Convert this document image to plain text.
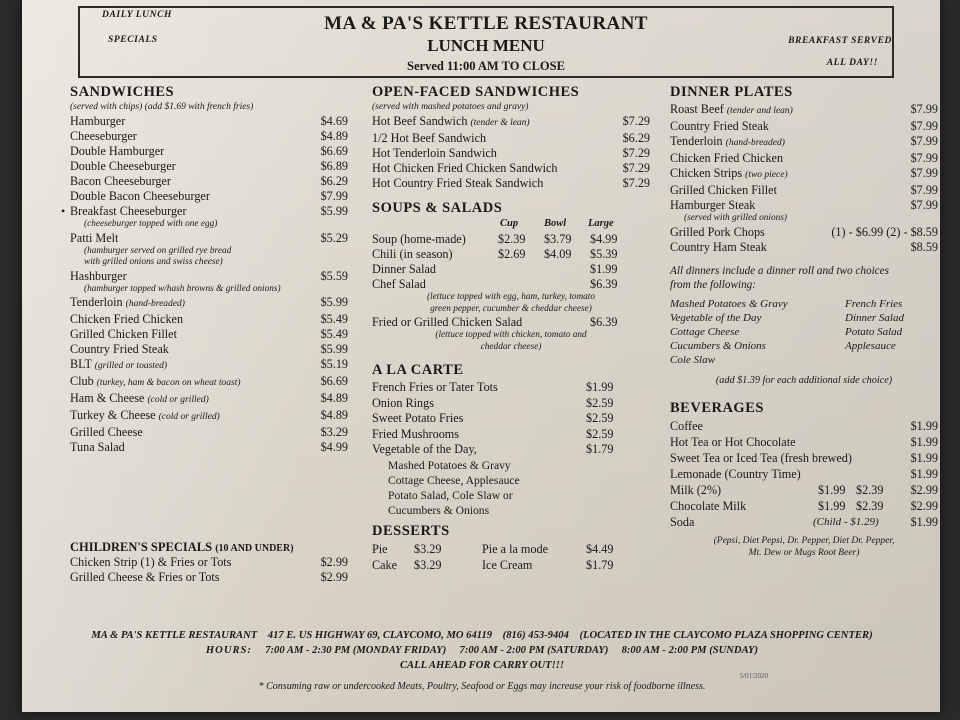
DAILY LUNCH
SPECIALS	BREAKFAST SERVED
ALL DAY!!
MA & PA'S KETTLE RESTAURANT
LUNCH MENU
Served 11:00 AM TO CLOSE
SANDWICHES
(served with chips) (add $1.69 with french fries)
Hamburger	$4.69
Cheeseburger	$4.89
Double Hamburger	$6.69
Double Cheeseburger	$6.89
Bacon Cheeseburger	$6.29
Double Bacon Cheeseburger	$7.99
• Breakfast Cheeseburger	$5.99
(cheeseburger topped with one egg)
Patti Melt	$5.29
(hamburger served on grilled rye bread
with grilled onions and swiss cheese)
Hashburger	$5.59
(hamburger topped w/hash browns & grilled onions)
Tenderloin (hand-breaded)	$5.99
Chicken Fried Chicken	$5.49
Grilled Chicken Fillet	$5.49
Country Fried Steak	$5.99
BLT (grilled or toasted)	$5.19
Club (turkey, ham & bacon on wheat toast)	$6.69
Ham & Cheese (cold or grilled)	$4.89
Turkey & Cheese (cold or grilled)	$4.89
Grilled Cheese	$3.29
Tuna Salad	$4.99
CHILDREN'S SPECIALS (10 AND UNDER)
Chicken Strip (1) & Fries or Tots	$2.99
Grilled Cheese & Fries or Tots	$2.99
OPEN-FACED SANDWICHES
(served with mashed potatoes and gravy)
Hot Beef Sandwich (tender & lean)	$7.29
1/2 Hot Beef Sandwich	$6.29
Hot Tenderloin Sandwich	$7.29
Hot Chicken Fried Chicken Sandwich	$7.29
Hot Country Fried Steak Sandwich	$7.29
SOUPS & SALADS
Cup Bowl Large
Soup (home-made)	$2.39 $3.79 $4.99
Chili (in season)	$2.69 $4.09 $5.39
Dinner Salad	$1.99
Chef Salad	$6.39
(lettuce topped with egg, ham, turkey, tomato
green pepper, cucumber & cheddar cheese)
Fried or Grilled Chicken Salad	$6.39
(lettuce topped with chicken, tomato and
cheddar cheese)
A LA CARTE
French Fries or Tater Tots	$1.99
Onion Rings	$2.59
Sweet Potato Fries	$2.59
Fried Mushrooms	$2.59
Vegetable of the Day,	$1.79
Mashed Potatoes & Gravy
Cottage Cheese, Applesauce
Potato Salad, Cole Slaw or
Cucumbers & Onions
DESSERTS
Pie $3.29	Pie a la mode	$4.49
Cake $3.29	Ice Cream	$1.79
DINNER PLATES
Roast Beef (tender and lean)	$7.99
Country Fried Steak	$7.99
Tenderloin (hand-breaded)	$7.99
Chicken Fried Chicken	$7.99
Chicken Strips (two piece)	$7.99
Grilled Chicken Fillet	$7.99
Hamburger Steak	$7.99
(served with grilled onions)
Grilled Pork Chops	(1) - $6.99 (2) - $8.59
Country Ham Steak	$8.59
All dinners include a dinner roll and two choices
from the following:
Mashed Potatoes & Gravy	French Fries
Vegetable of the Day	Dinner Salad
Cottage Cheese	Potato Salad
Cucumbers & Onions	Applesauce
Cole Slaw
(add $1.39 for each additional side choice)
BEVERAGES
Coffee	$1.99
Hot Tea or Hot Chocolate	$1.99
Sweet Tea or Iced Tea (fresh brewed)	$1.99
Lemonade (Country Time)	$1.99
Milk (2%)	$1.99 $2.39 $2.99
Chocolate Milk	$1.99 $2.39 $2.99
Soda	(Child - $1.29)	$1.99
(Pepsi, Diet Pepsi, Dr. Pepper, Diet Dr. Pepper,
Mt. Dew or Mugs Root Beer)
MA & PA'S KETTLE RESTAURANT 417 E. US HIGHWAY 69, CLAYCOMO, MO 64119 (816) 453-9404 (LOCATED IN THE CLAYCOMO PLAZA SHOPPING CENTER)
HOURS: 7:00 AM - 2:30 PM (MONDAY FRIDAY) 7:00 AM - 2:00 PM (SATURDAY) 8:00 AM - 2:00 PM (SUNDAY)
CALL AHEAD FOR CARRY OUT!!!
* Consuming raw or undercooked Meats, Poultry, Seafood or Eggs may increase your risk of foodborne illness.
5/01/2020
